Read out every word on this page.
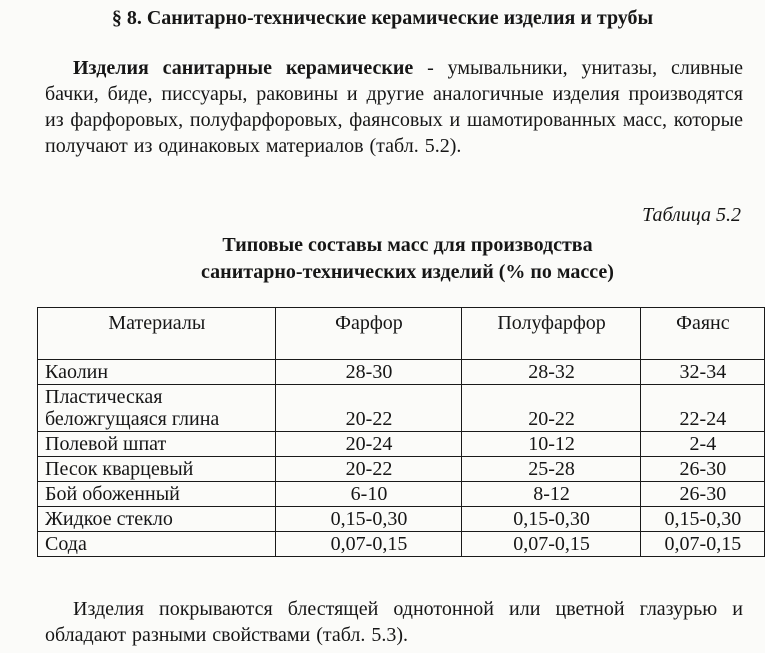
§ 8. Санитарно-технические керамические изделия и трубы
Изделия санитарные керамические - умывальники, унитазы, сливные бачки, биде, писсуары, раковины и другие аналогичные изделия производятся из фарфоровых, полуфарфоровых, фаянсовых и шамотированных масс, которые получают из одинаковых материалов (табл. 5.2).
Таблица 5.2
Типовые составы масс для производства
санитарно-технических изделий (% по массе)
Материалы	Фарфор	Полуфарфор	Фаянс
Каолин	28-30	28-32	32-34
Пластическая беложгущаяся глина	20-22	20-22	22-24
Полевой шпат	20-24	10-12	2-4
Песок кварцевый	20-22	25-28	26-30
Бой обоженный	6-10	8-12	26-30
Жидкое стекло	0,15-0,30	0,15-0,30	0,15-0,30
Сода	0,07-0,15	0,07-0,15	0,07-0,15
Изделия покрываются блестящей однотонной или цветной глазурью и обладают разными свойствами (табл. 5.3).
